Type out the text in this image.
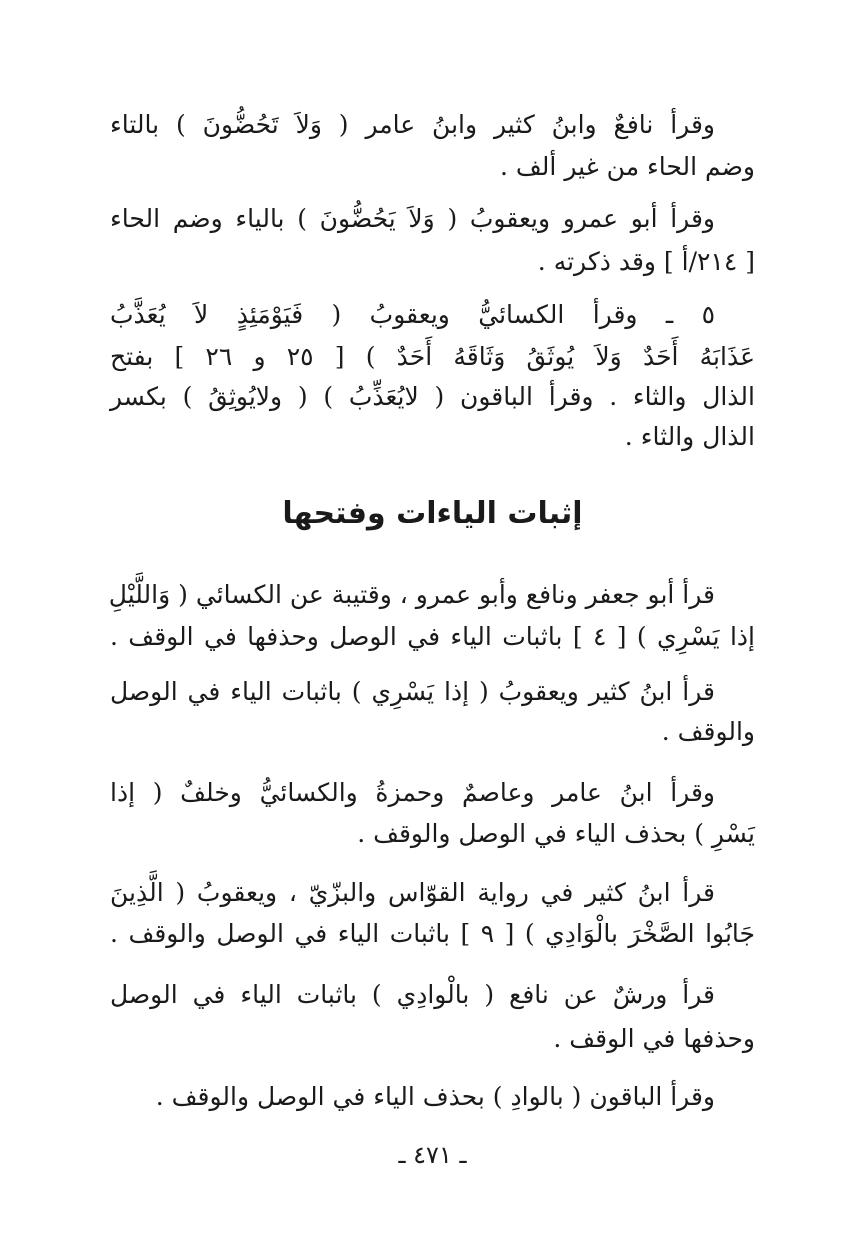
وقرأ نافعٌ وابنُ كثير وابنُ عامر ( وَلاَ تَحُضُّونَ ) بالتاء
وضم الحاء من غير ألف .
وقرأ أبو عمرو ويعقوبُ ( وَلاَ يَحُضُّونَ ) بالياء وضم الحاء
[ ٢١٤/أ ] وقد ذكرته .
٥ ـ وقرأ الكسائيُّ ويعقوبُ ( فَيَوْمَئِذٍ لاَ يُعَذَّبُ
عَذَابَهُ أَحَدٌ وَلاَ يُوثَقُ وَثَاقَهُ أَحَدٌ ) [ ٢٥ و ٢٦ ] بفتح
الذال والثاء . وقرأ الباقون ( لايُعَذِّبُ ) ( ولايُوثِقُ ) بكسر
الذال والثاء .
إثبات الياءات وفتحها
قرأ أبو جعفر ونافع وأبو عمرو ، وقتيبة عن الكسائي ( وَاللَّيْلِ
إذا يَسْرِي ) [ ٤ ] باثبات الياء في الوصل وحذفها في الوقف .
قرأ ابنُ كثير ويعقوبُ ( إذا يَسْرِي ) باثبات الياء في الوصل
والوقف .
وقرأ ابنُ عامر وعاصمٌ وحمزةُ والكسائيُّ وخلفٌ ( إذا
يَسْرِ ) بحذف الياء في الوصل والوقف .
قرأ ابنُ كثير في رواية القوّاس والبزّيّ ، ويعقوبُ ( الَّذِينَ
جَابُوا الصَّخْرَ بالْوَادِي ) [ ٩ ] باثبات الياء في الوصل والوقف .
قرأ ورشٌ عن نافع ( بالْوادِي ) باثبات الياء في الوصل
وحذفها في الوقف .
وقرأ الباقون ( بالوادِ ) بحذف الياء في الوصل والوقف .
ـ ٤٧١ ـ
